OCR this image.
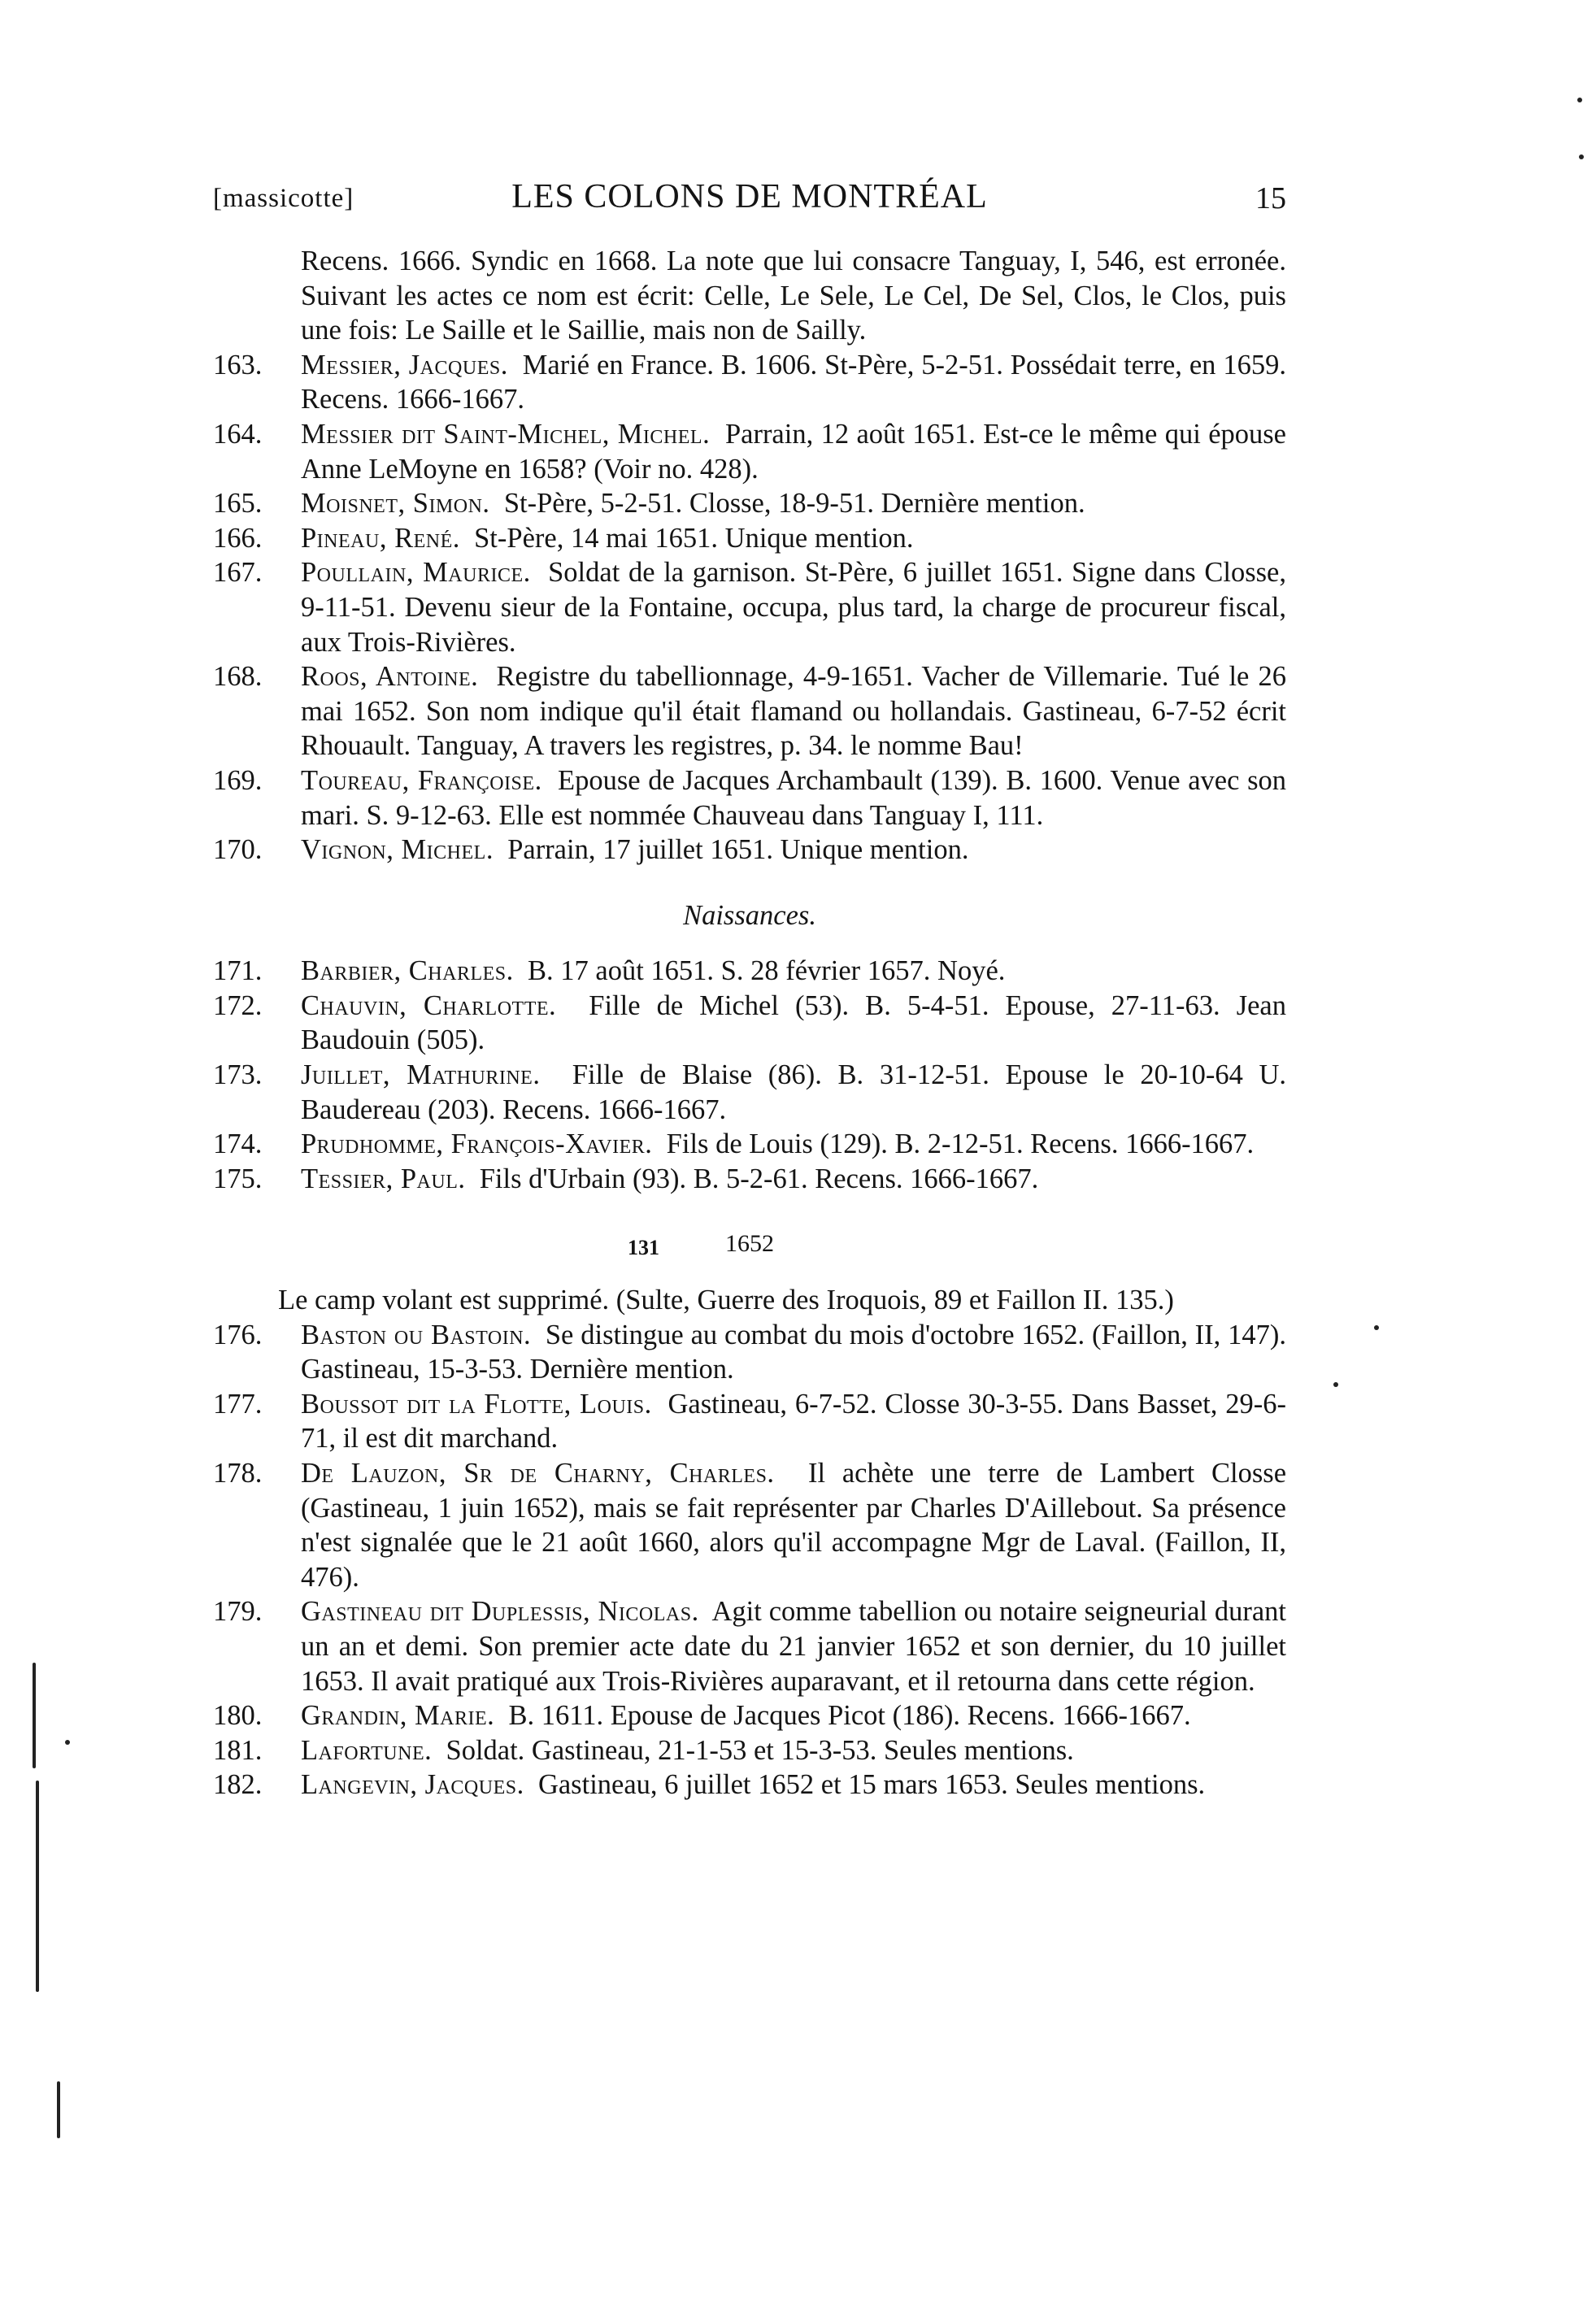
[massicotte]	LES COLONS DE MONTRÉAL	15

Recens. 1666. Syndic en 1668. La note que lui consacre Tanguay, I, 546, est erronée. Suivant les actes ce nom est écrit: Celle, Le Sele, Le Cel, De Sel, Clos, le Clos, puis une fois: Le Saille et le Saillie, mais non de Sailly.

163. Messier, Jacques. Marié en France. B. 1606. St-Père, 5-2-51. Possédait terre, en 1659. Recens. 1666-1667.

164. Messier dit Saint-Michel, Michel. Parrain, 12 août 1651. Est-ce le même qui épouse Anne LeMoyne en 1658? (Voir no. 428).

165. Moisnet, Simon. St-Père, 5-2-51. Closse, 18-9-51. Dernière mention.

166. Pineau, René. St-Père, 14 mai 1651. Unique mention.

167. Poullain, Maurice. Soldat de la garnison. St-Père, 6 juillet 1651. Signe dans Closse, 9-11-51. Devenu sieur de la Fontaine, occupa, plus tard, la charge de procureur fiscal, aux Trois-Rivières.

168. Roos, Antoine. Registre du tabellionnage, 4-9-1651. Vacher de Villemarie. Tué le 26 mai 1652. Son nom indique qu'il était flamand ou hollandais. Gastineau, 6-7-52 écrit Rhouault. Tanguay, A travers les registres, p. 34. le nomme Bau!

169. Toureau, Françoise. Epouse de Jacques Archambault (139). B. 1600. Venue avec son mari. S. 9-12-63. Elle est nommée Chauveau dans Tanguay I, 111.

170. Vignon, Michel. Parrain, 17 juillet 1651. Unique mention.

Naissances.

171. Barbier, Charles. B. 17 août 1651. S. 28 février 1657. Noyé.

172. Chauvin, Charlotte. Fille de Michel (53). B. 5-4-51. Epouse, 27-11-63. Jean Baudouin (505).

173. Juillet, Mathurine. Fille de Blaise (86). B. 31-12-51. Epouse le 20-10-64 U. Baudereau (203). Recens. 1666-1667.

174. Prudhomme, François-Xavier. Fils de Louis (129). B. 2-12-51. Recens. 1666-1667.

175. Tessier, Paul. Fils d'Urbain (93). B. 5-2-61. Recens. 1666-1667.

1652

Le camp volant est supprimé. (Sulte, Guerre des Iroquois, 89 et Faillon II. 135.)

176. Baston ou Bastoin. Se distingue au combat du mois d'octobre 1652. (Faillon, II, 147). Gastineau, 15-3-53. Dernière mention.

177. Boussot dit la Flotte, Louis. Gastineau, 6-7-52. Closse 30-3-55. Dans Basset, 29-6-71, il est dit marchand.

178. De Lauzon, Sr de Charny, Charles. Il achète une terre de Lambert Closse (Gastineau, 1 juin 1652), mais se fait représenter par Charles D'Aillebout. Sa présence n'est signalée que le 21 août 1660, alors qu'il accompagne Mgr de Laval. (Faillon, II, 476).

179. Gastineau dit Duplessis, Nicolas. Agit comme tabellion ou notaire seigneurial durant un an et demi. Son premier acte date du 21 janvier 1652 et son dernier, du 10 juillet 1653. Il avait pratiqué aux Trois-Rivières auparavant, et il retourna dans cette région.

180. Grandin, Marie. B. 1611. Epouse de Jacques Picot (186). Recens. 1666-1667.

181. Lafortune. Soldat. Gastineau, 21-1-53 et 15-3-53. Seules mentions.

182. Langevin, Jacques. Gastineau, 6 juillet 1652 et 15 mars 1653. Seules mentions.

131
